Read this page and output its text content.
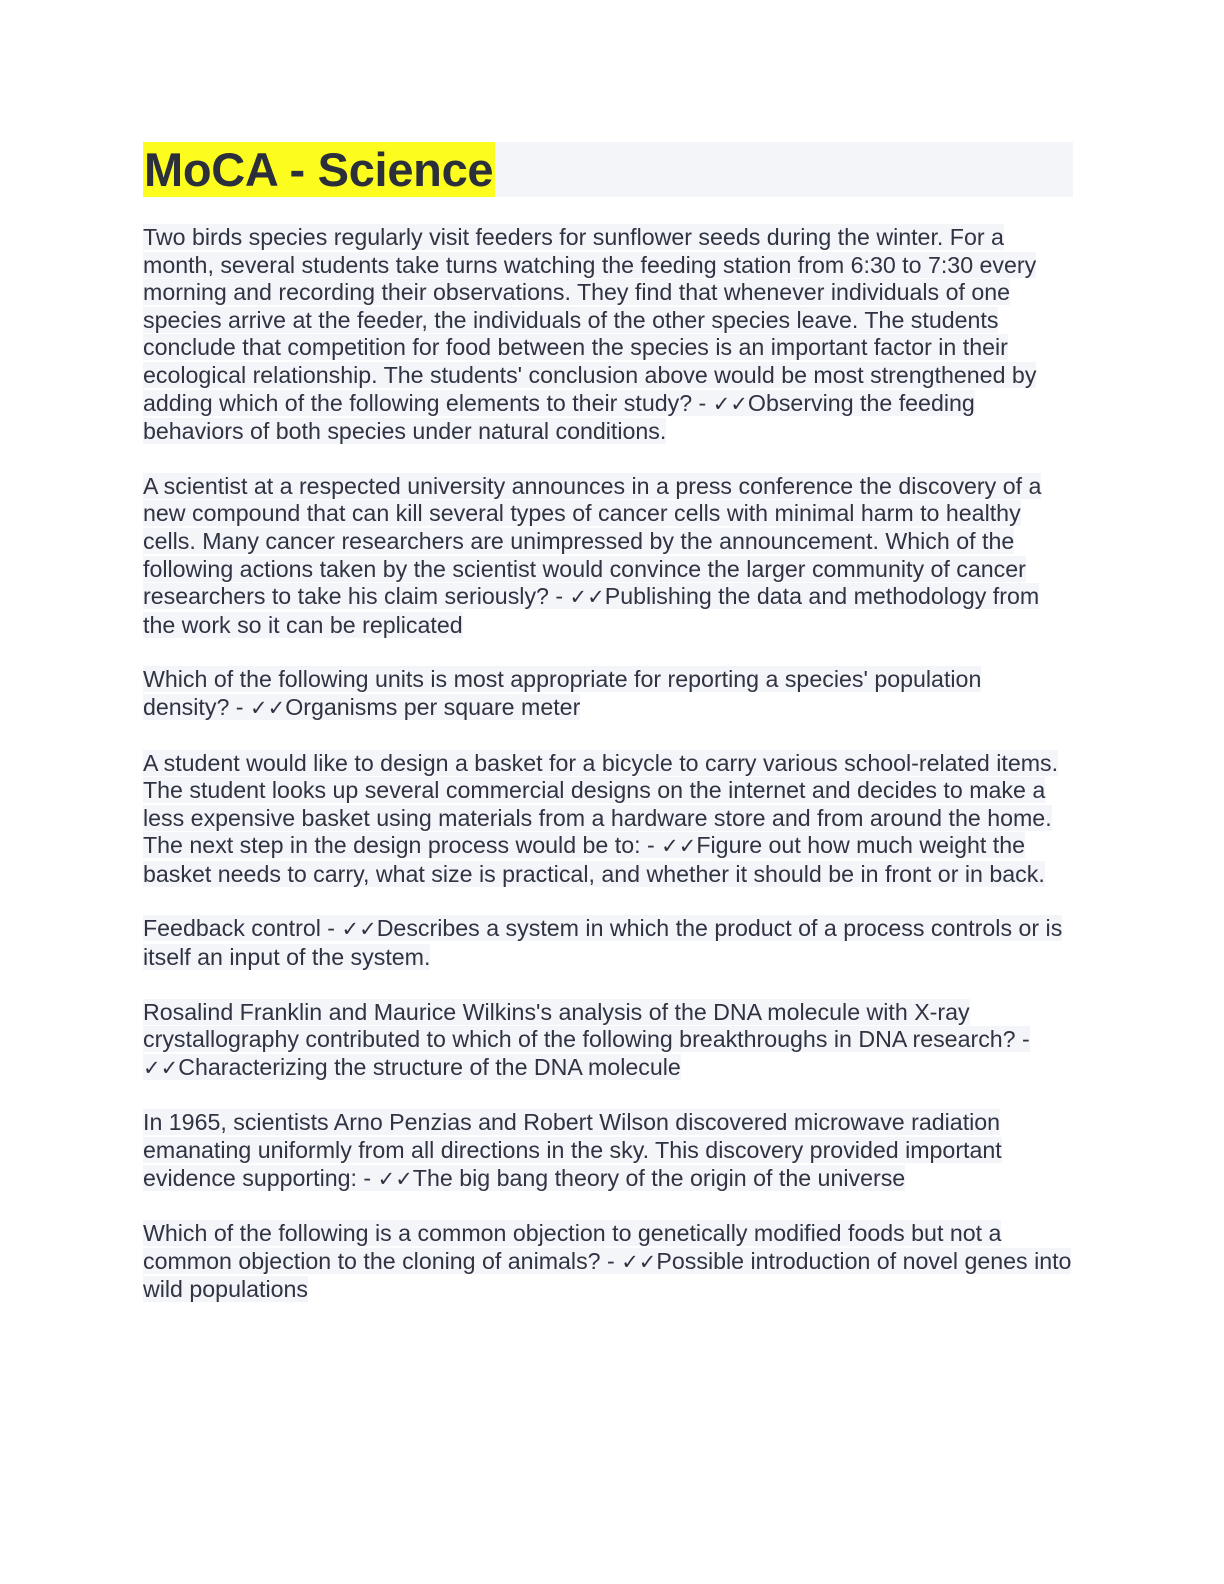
MoCA - Science

Two birds species regularly visit feeders for sunflower seeds during the winter. For a month, several students take turns watching the feeding station from 6:30 to 7:30 every morning and recording their observations. They find that whenever individuals of one species arrive at the feeder, the individuals of the other species leave. The students conclude that competition for food between the species is an important factor in their ecological relationship. The students' conclusion above would be most strengthened by adding which of the following elements to their study? - ✓✓Observing the feeding behaviors of both species under natural conditions.

A scientist at a respected university announces in a press conference the discovery of a new compound that can kill several types of cancer cells with minimal harm to healthy cells. Many cancer researchers are unimpressed by the announcement. Which of the following actions taken by the scientist would convince the larger community of cancer researchers to take his claim seriously? - ✓✓Publishing the data and methodology from the work so it can be replicated

Which of the following units is most appropriate for reporting a species' population density? - ✓✓Organisms per square meter

A student would like to design a basket for a bicycle to carry various school-related items. The student looks up several commercial designs on the internet and decides to make a less expensive basket using materials from a hardware store and from around the home. The next step in the design process would be to: - ✓✓Figure out how much weight the basket needs to carry, what size is practical, and whether it should be in front or in back.

Feedback control - ✓✓Describes a system in which the product of a process controls or is itself an input of the system.

Rosalind Franklin and Maurice Wilkins's analysis of the DNA molecule with X-ray crystallography contributed to which of the following breakthroughs in DNA research? - ✓✓Characterizing the structure of the DNA molecule

In 1965, scientists Arno Penzias and Robert Wilson discovered microwave radiation emanating uniformly from all directions in the sky. This discovery provided important evidence supporting: - ✓✓The big bang theory of the origin of the universe

Which of the following is a common objection to genetically modified foods but not a common objection to the cloning of animals? - ✓✓Possible introduction of novel genes into wild populations
